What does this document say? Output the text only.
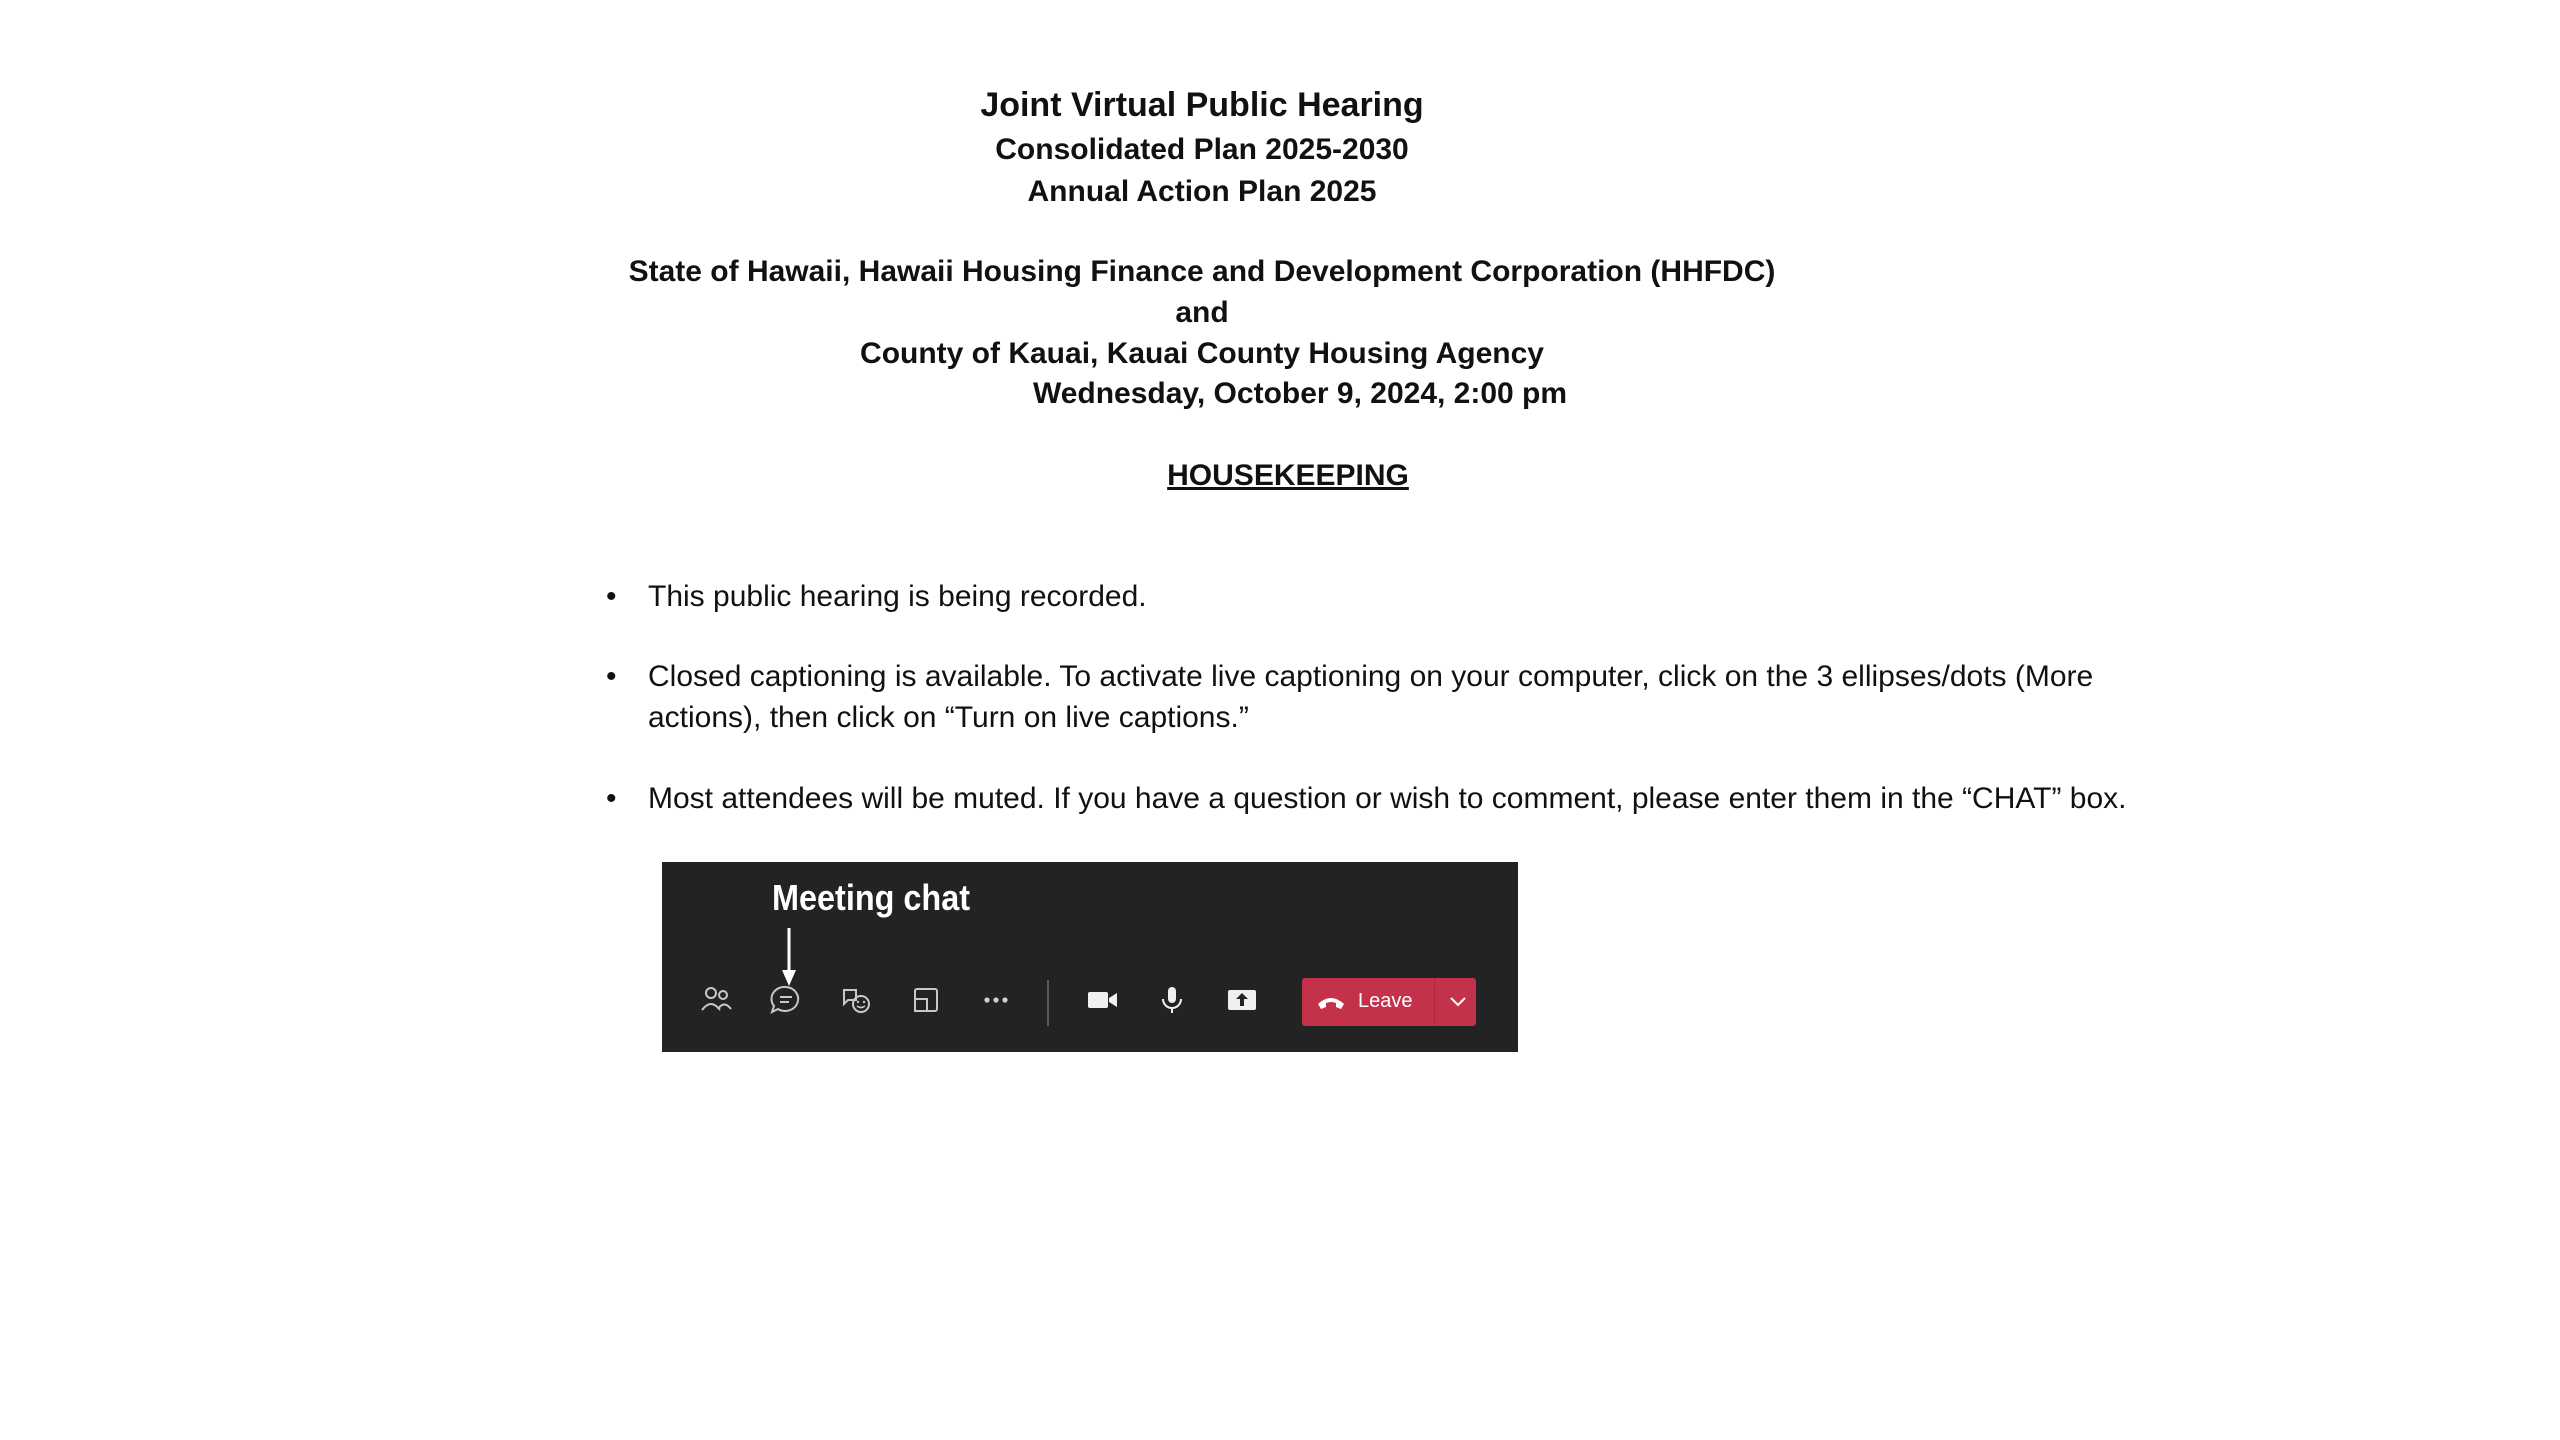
Joint Virtual Public Hearing

Consolidated Plan 2025-2030

Annual Action Plan 2025

State of Hawaii, Hawaii Housing Finance and Development Corporation (HHFDC)

and

County of Kauai, Kauai County Housing Agency

Wednesday, October 9, 2024, 2:00 pm

HOUSEKEEPING

• This public hearing is being recorded.
• Closed captioning is available. To activate live captioning on your computer, click on the 3 ellipses/dots (More actions), then click on “Turn on live captions.”
• Most attendees will be muted. If you have a question or wish to comment, please enter them in the “CHAT” box.
Meeting chat
Leave
